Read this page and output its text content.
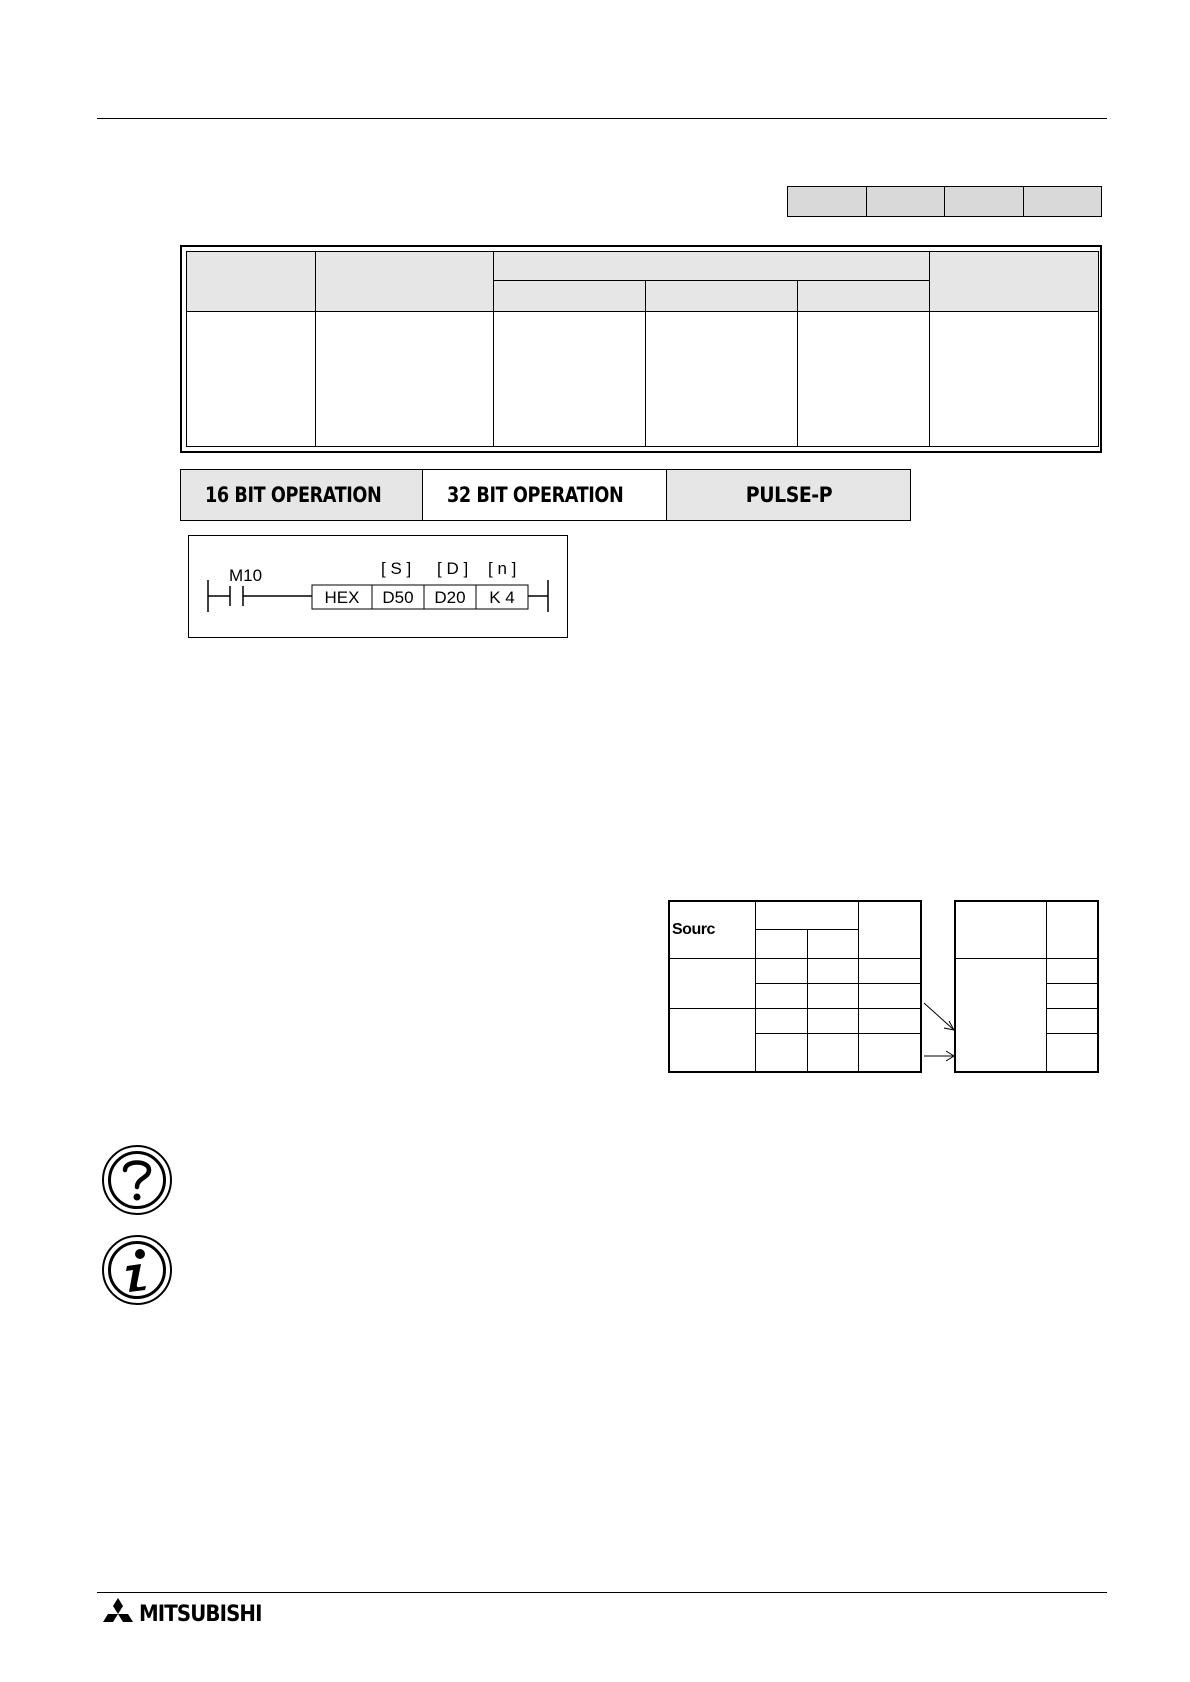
16 BIT OPERATION	32 BIT OPERATION	PULSE-P
M10	[ S ] [ D ] [ n ]
HEX	D50	D20	K 4
Sourc			

MITSUBISHI
